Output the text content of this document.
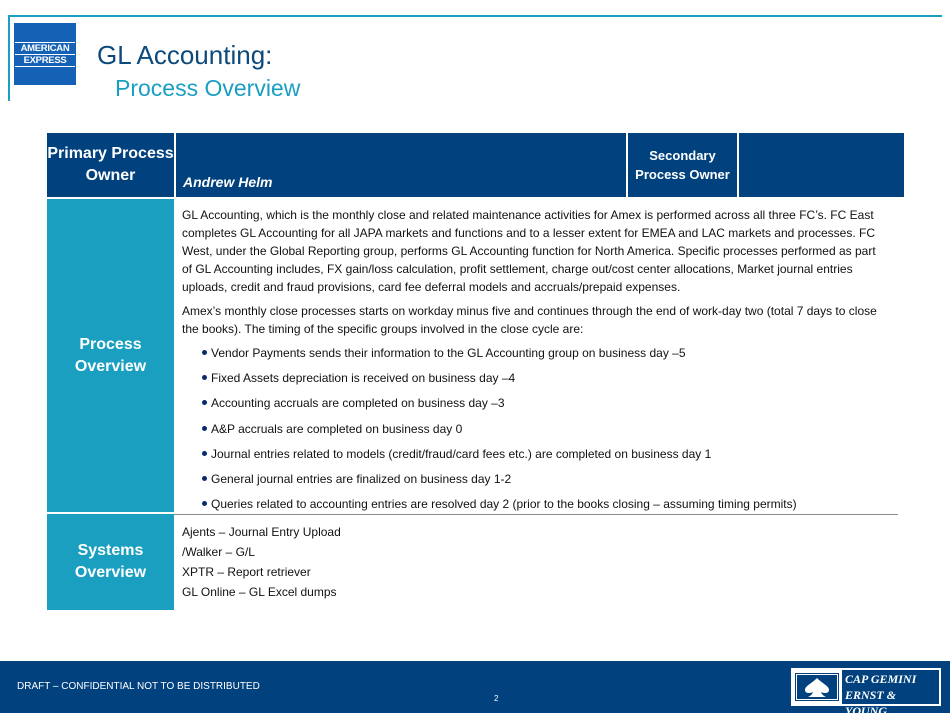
AMERICAN
EXPRESS	GL Accounting:
Process Overview
Primary Process Owner	Andrew Helm
Secondary Process Owner
Process Overview

GL Accounting, which is the monthly close and related maintenance activities for Amex is performed across all three FC’s. FC East completes GL Accounting for all JAPA markets and functions and to a lesser extent for EMEA and LAC markets and processes. FC West, under the Global Reporting group, performs GL Accounting function for North America. Specific processes performed as part of GL Accounting includes, FX gain/loss calculation, profit settlement, charge out/cost center allocations, Market journal entries uploads, credit and fraud provisions, card fee deferral models and accruals/prepaid expenses.

Amex’s monthly close processes starts on workday minus five and continues through the end of work-day two (total 7 days to close the books). The timing of the specific groups involved in the close cycle are:

Vendor Payments sends their information to the GL Accounting group on business day –5
Fixed Assets depreciation is received on business day –4
Accounting accruals are completed on business day –3
A&P accruals are completed on business day 0
Journal entries related to models (credit/fraud/card fees etc.) are completed on business day 1
General journal entries are finalized on business day 1-2
Queries related to accounting entries are resolved day 2 (prior to the books closing – assuming timing permits)
Systems Overview
Ajents – Journal Entry Upload
/Walker – G/L
XPTR – Report retriever
GL Online – GL Excel dumps
DRAFT – CONFIDENTIAL NOT TO BE DISTRIBUTED
2
CAP GEMINI
ERNST & YOUNG
